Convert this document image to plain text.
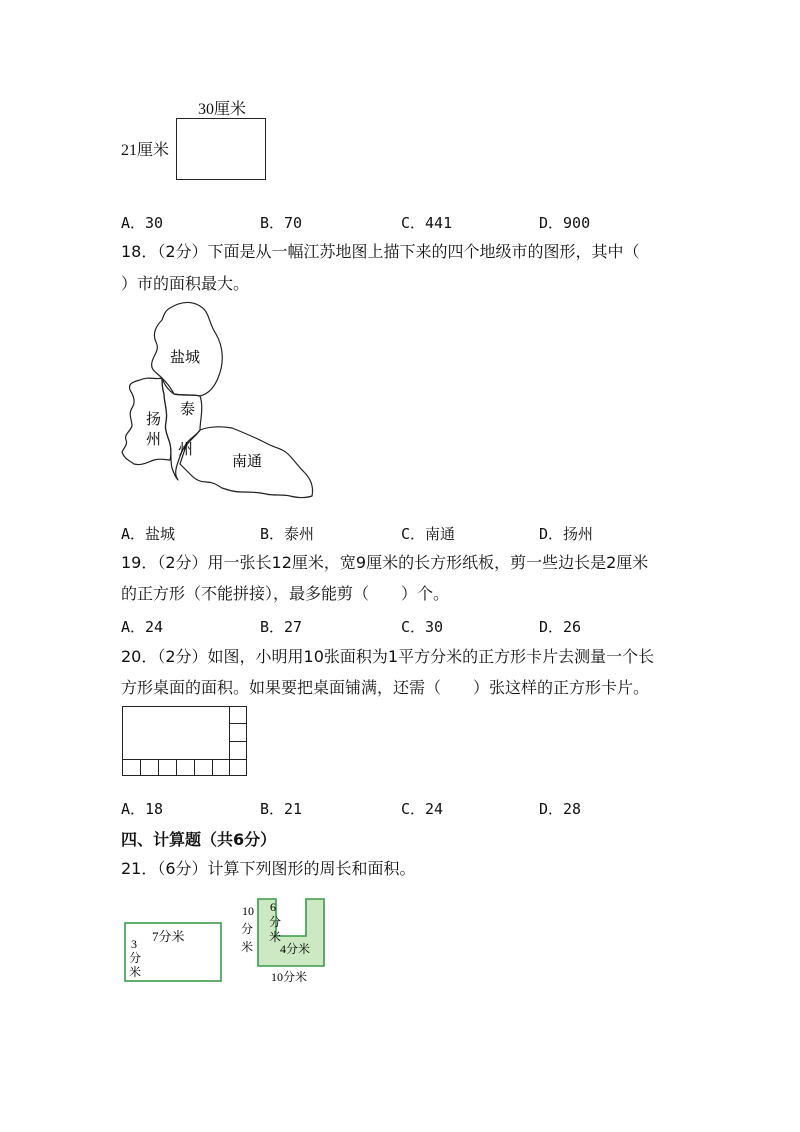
30厘米
21厘米
A．30	B．70	C．441	D．900
18．（2分）下面是从一幅江苏地图上描下来的四个地级市的图形，其中（
）市的面积最大。
盐城
泰
州
扬
州
南通
A．盐城	B．泰州	C．南通	D．扬州
19．（2分）用一张长12厘米，宽9厘米的长方形纸板，剪一些边长是2厘米
的正方形（不能拼接），最多能剪（　　）个。
A．24	B．27	C．30	D．26
20．（2分）如图，小明用10张面积为1平方分米的正方形卡片去测量一个长
方形桌面的面积。如果要把桌面铺满，还需（　　）张这样的正方形卡片。
A．18	B．21	C．24	D．28
四、计算题（共6分）
21．（6分）计算下列图形的周长和面积。
7分米
3
分
米
10
分
米
6
分
米
4分米
10分米
